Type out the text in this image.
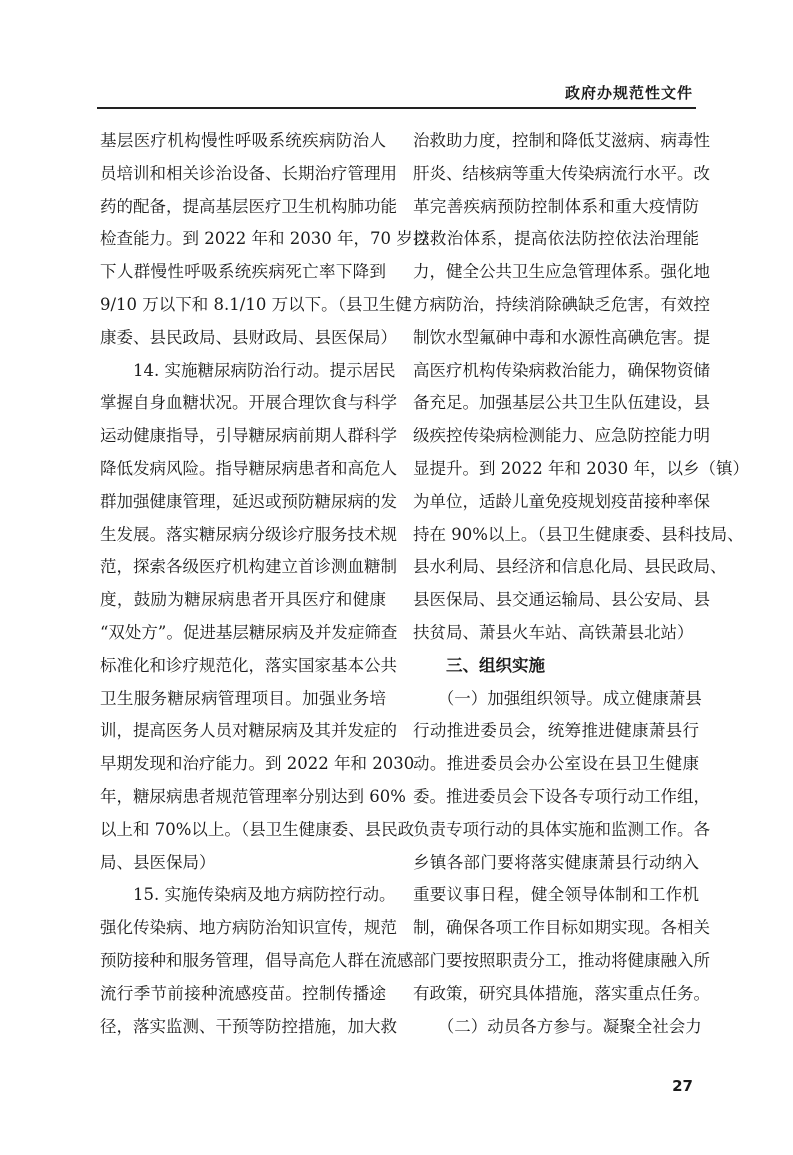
政府办规范性文件
基层医疗机构慢性呼吸系统疾病防治人
员培训和相关诊治设备、长期治疗管理用
药的配备，提高基层医疗卫生机构肺功能
检查能力。到 2022 年和 2030 年，70 岁以
下人群慢性呼吸系统疾病死亡率下降到
9/10 万以下和 8.1/10 万以下。（县卫生健
康委、县民政局、县财政局、县医保局）
　　14. 实施糖尿病防治行动。提示居民
掌握自身血糖状况。开展合理饮食与科学
运动健康指导，引导糖尿病前期人群科学
降低发病风险。指导糖尿病患者和高危人
群加强健康管理，延迟或预防糖尿病的发
生发展。落实糖尿病分级诊疗服务技术规
范，探索各级医疗机构建立首诊测血糖制
度，鼓励为糖尿病患者开具医疗和健康
“双处方”。促进基层糖尿病及并发症筛查
标准化和诊疗规范化，落实国家基本公共
卫生服务糖尿病管理项目。加强业务培
训，提高医务人员对糖尿病及其并发症的
早期发现和治疗能力。到 2022 年和 2030
年，糖尿病患者规范管理率分别达到 60%
以上和 70%以上。（县卫生健康委、县民政
局、县医保局）
　　15. 实施传染病及地方病防控行动。
强化传染病、地方病防治知识宣传，规范
预防接种和服务管理，倡导高危人群在流感
流行季节前接种流感疫苗。控制传播途
径，落实监测、干预等防控措施，加大救
治救助力度，控制和降低艾滋病、病毒性
肝炎、结核病等重大传染病流行水平。改
革完善疾病预防控制体系和重大疫情防
控救治体系，提高依法防控依法治理能
力，健全公共卫生应急管理体系。强化地
方病防治，持续消除碘缺乏危害，有效控
制饮水型氟砷中毒和水源性高碘危害。提
高医疗机构传染病救治能力，确保物资储
备充足。加强基层公共卫生队伍建设，县
级疾控传染病检测能力、应急防控能力明
显提升。到 2022 年和 2030 年，以乡（镇）
为单位，适龄儿童免疫规划疫苗接种率保
持在 90%以上。（县卫生健康委、县科技局、
县水利局、县经济和信息化局、县民政局、
县医保局、县交通运输局、县公安局、县
扶贫局、萧县火车站、高铁萧县北站）
　　三、组织实施
　　（一）加强组织领导。成立健康萧县
行动推进委员会，统筹推进健康萧县行
动。推进委员会办公室设在县卫生健康
委。推进委员会下设各专项行动工作组，
负责专项行动的具体实施和监测工作。各
乡镇各部门要将落实健康萧县行动纳入
重要议事日程，健全领导体制和工作机
制，确保各项工作目标如期实现。各相关
部门要按照职责分工，推动将健康融入所
有政策，研究具体措施，落实重点任务。
　　（二）动员各方参与。凝聚全社会力
27
